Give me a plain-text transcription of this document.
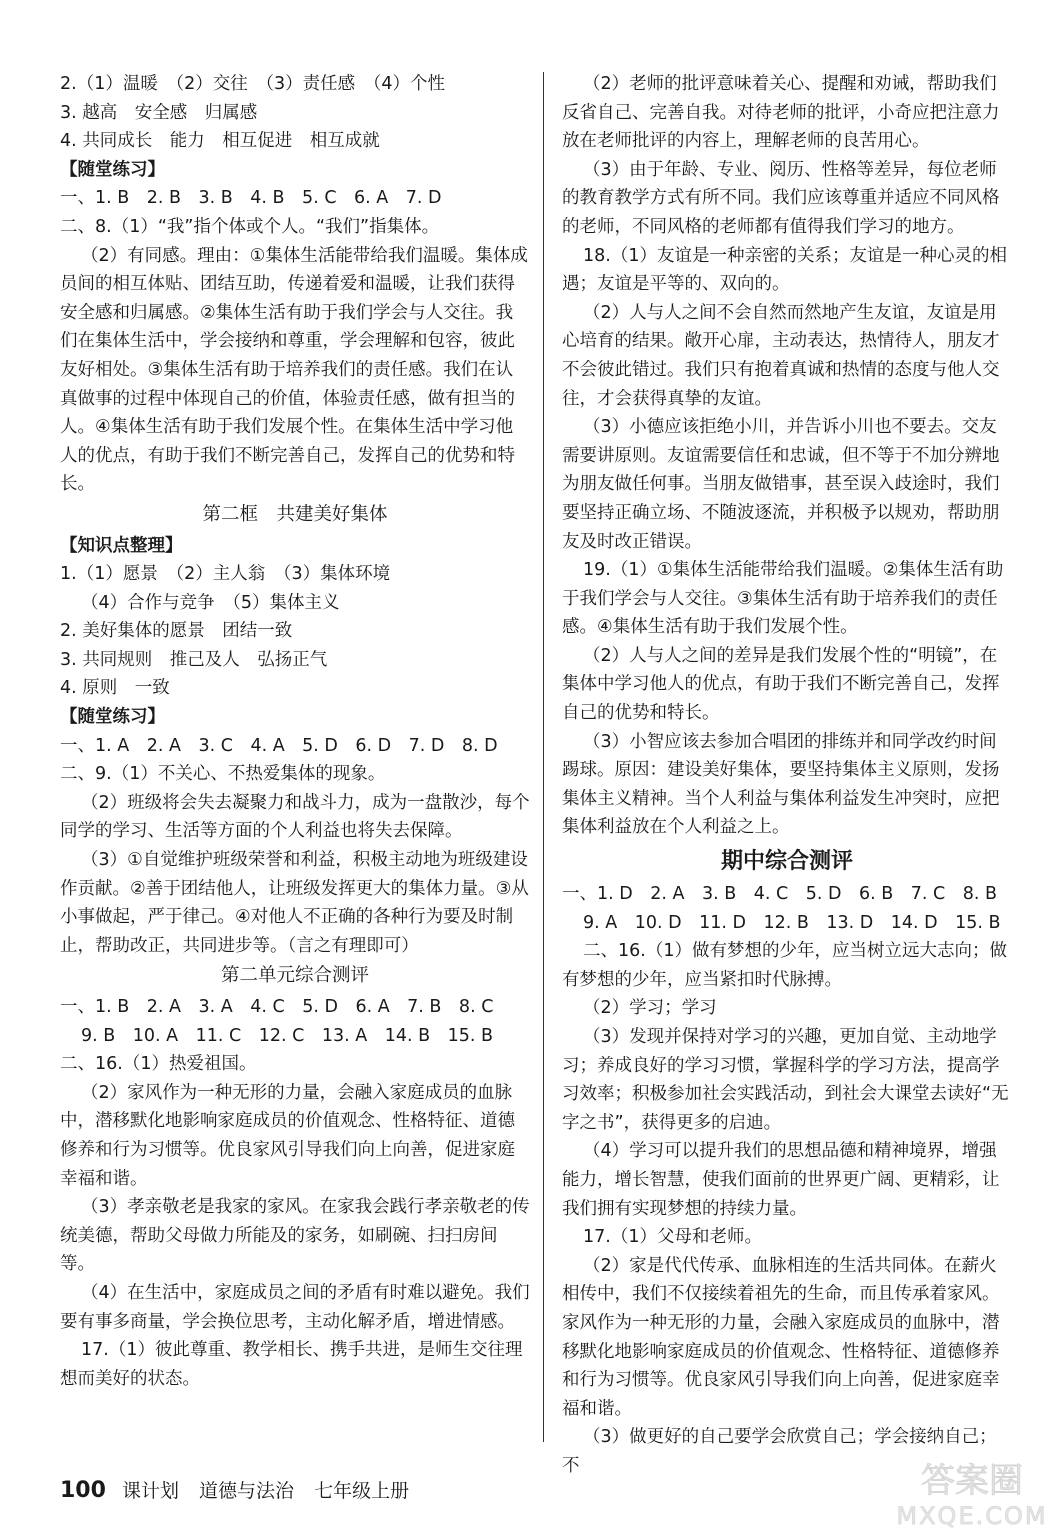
2.（1）温暖　（2）交往　（3）责任感　（4）个性
3. 越高　安全感　归属感
4. 共同成长　能力　相互促进　相互成就
【随堂练习】
一、1. B　2. B　3. B　4. B　5. C　6. A　7. D
二、8.（1）“我”指个体或个人。“我们”指集体。
（2）有同感。理由：①集体生活能带给我们温暖。集体成员间的相互体贴、团结互助，传递着爱和温暖，让我们获得安全感和归属感。②集体生活有助于我们学会与人交往。我们在集体生活中，学会接纳和尊重，学会理解和包容，彼此友好相处。③集体生活有助于培养我们的责任感。我们在认真做事的过程中体现自己的价值，体验责任感，做有担当的人。④集体生活有助于我们发展个性。在集体生活中学习他人的优点，有助于我们不断完善自己，发挥自己的优势和特长。
第二框　共建美好集体
【知识点整理】
1.（1）愿景　（2）主人翁　（3）集体环境
（4）合作与竞争　（5）集体主义
2. 美好集体的愿景　团结一致
3. 共同规则　推己及人　弘扬正气
4. 原则　一致
【随堂练习】
一、1. A　2. A　3. C　4. A　5. D　6. D　7. D　8. D
二、9.（1）不关心、不热爱集体的现象。
（2）班级将会失去凝聚力和战斗力，成为一盘散沙，每个同学的学习、生活等方面的个人利益也将失去保障。
（3）①自觉维护班级荣誉和利益，积极主动地为班级建设作贡献。②善于团结他人，让班级发挥更大的集体力量。③从小事做起，严于律己。④对他人不正确的各种行为要及时制止，帮助改正，共同进步等。（言之有理即可）
第二单元综合测评
一、1. B　2. A　3. A　4. C　5. D　6. A　7. B　8. C
9. B　10. A　11. C　12. C　13. A　14. B　15. B
二、16.（1）热爱祖国。
（2）家风作为一种无形的力量，会融入家庭成员的血脉中，潜移默化地影响家庭成员的价值观念、性格特征、道德修养和行为习惯等。优良家风引导我们向上向善，促进家庭幸福和谐。
（3）孝亲敬老是我家的家风。在家我会践行孝亲敬老的传统美德，帮助父母做力所能及的家务，如刷碗、扫扫房间等。
（4）在生活中，家庭成员之间的矛盾有时难以避免。我们要有事多商量，学会换位思考，主动化解矛盾，增进情感。
17.（1）彼此尊重、教学相长、携手共进，是师生交往理想而美好的状态。
（2）老师的批评意味着关心、提醒和劝诫，帮助我们反省自己、完善自我。对待老师的批评，小奇应把注意力放在老师批评的内容上，理解老师的良苦用心。
（3）由于年龄、专业、阅历、性格等差异，每位老师的教育教学方式有所不同。我们应该尊重并适应不同风格的老师，不同风格的老师都有值得我们学习的地方。
18.（1）友谊是一种亲密的关系；友谊是一种心灵的相遇；友谊是平等的、双向的。
（2）人与人之间不会自然而然地产生友谊，友谊是用心培育的结果。敞开心扉，主动表达，热情待人，朋友才不会彼此错过。我们只有抱着真诚和热情的态度与他人交往，才会获得真挚的友谊。
（3）小德应该拒绝小川，并告诉小川也不要去。交友需要讲原则。友谊需要信任和忠诚，但不等于不加分辨地为朋友做任何事。当朋友做错事，甚至误入歧途时，我们要坚持正确立场、不随波逐流，并积极予以规劝，帮助朋友及时改正错误。
19.（1）①集体生活能带给我们温暖。②集体生活有助于我们学会与人交往。③集体生活有助于培养我们的责任感。④集体生活有助于我们发展个性。
（2）人与人之间的差异是我们发展个性的“明镜”，在集体中学习他人的优点，有助于我们不断完善自己，发挥自己的优势和特长。
（3）小智应该去参加合唱团的排练并和同学改约时间踢球。原因：建设美好集体，要坚持集体主义原则，发扬集体主义精神。当个人利益与集体利益发生冲突时，应把集体利益放在个人利益之上。
期中综合测评
一、1. D　2. A　3. B　4. C　5. D　6. B　7. C　8. B
9. A　10. D　11. D　12. B　13. D　14. D　15. B
二、16.（1）做有梦想的少年，应当树立远大志向；做有梦想的少年，应当紧扣时代脉搏。
（2）学习；学习
（3）发现并保持对学习的兴趣，更加自觉、主动地学习；养成良好的学习习惯，掌握科学的学习方法，提高学习效率；积极参加社会实践活动，到社会大课堂去读好“无字之书”，获得更多的启迪。
（4）学习可以提升我们的思想品德和精神境界，增强能力，增长智慧，使我们面前的世界更广阔、更精彩，让我们拥有实现梦想的持续力量。
17.（1）父母和老师。
（2）家是代代传承、血脉相连的生活共同体。在薪火相传中，我们不仅接续着祖先的生命，而且传承着家风。家风作为一种无形的力量，会融入家庭成员的血脉中，潜移默化地影响家庭成员的价值观念、性格特征、道德修养和行为习惯等。优良家风引导我们向上向善，促进家庭幸福和谐。
（3）做更好的自己要学会欣赏自己；学会接纳自己；不
100 课计划 道德与法治 七年级上册	答案圈
MXQE.COM
